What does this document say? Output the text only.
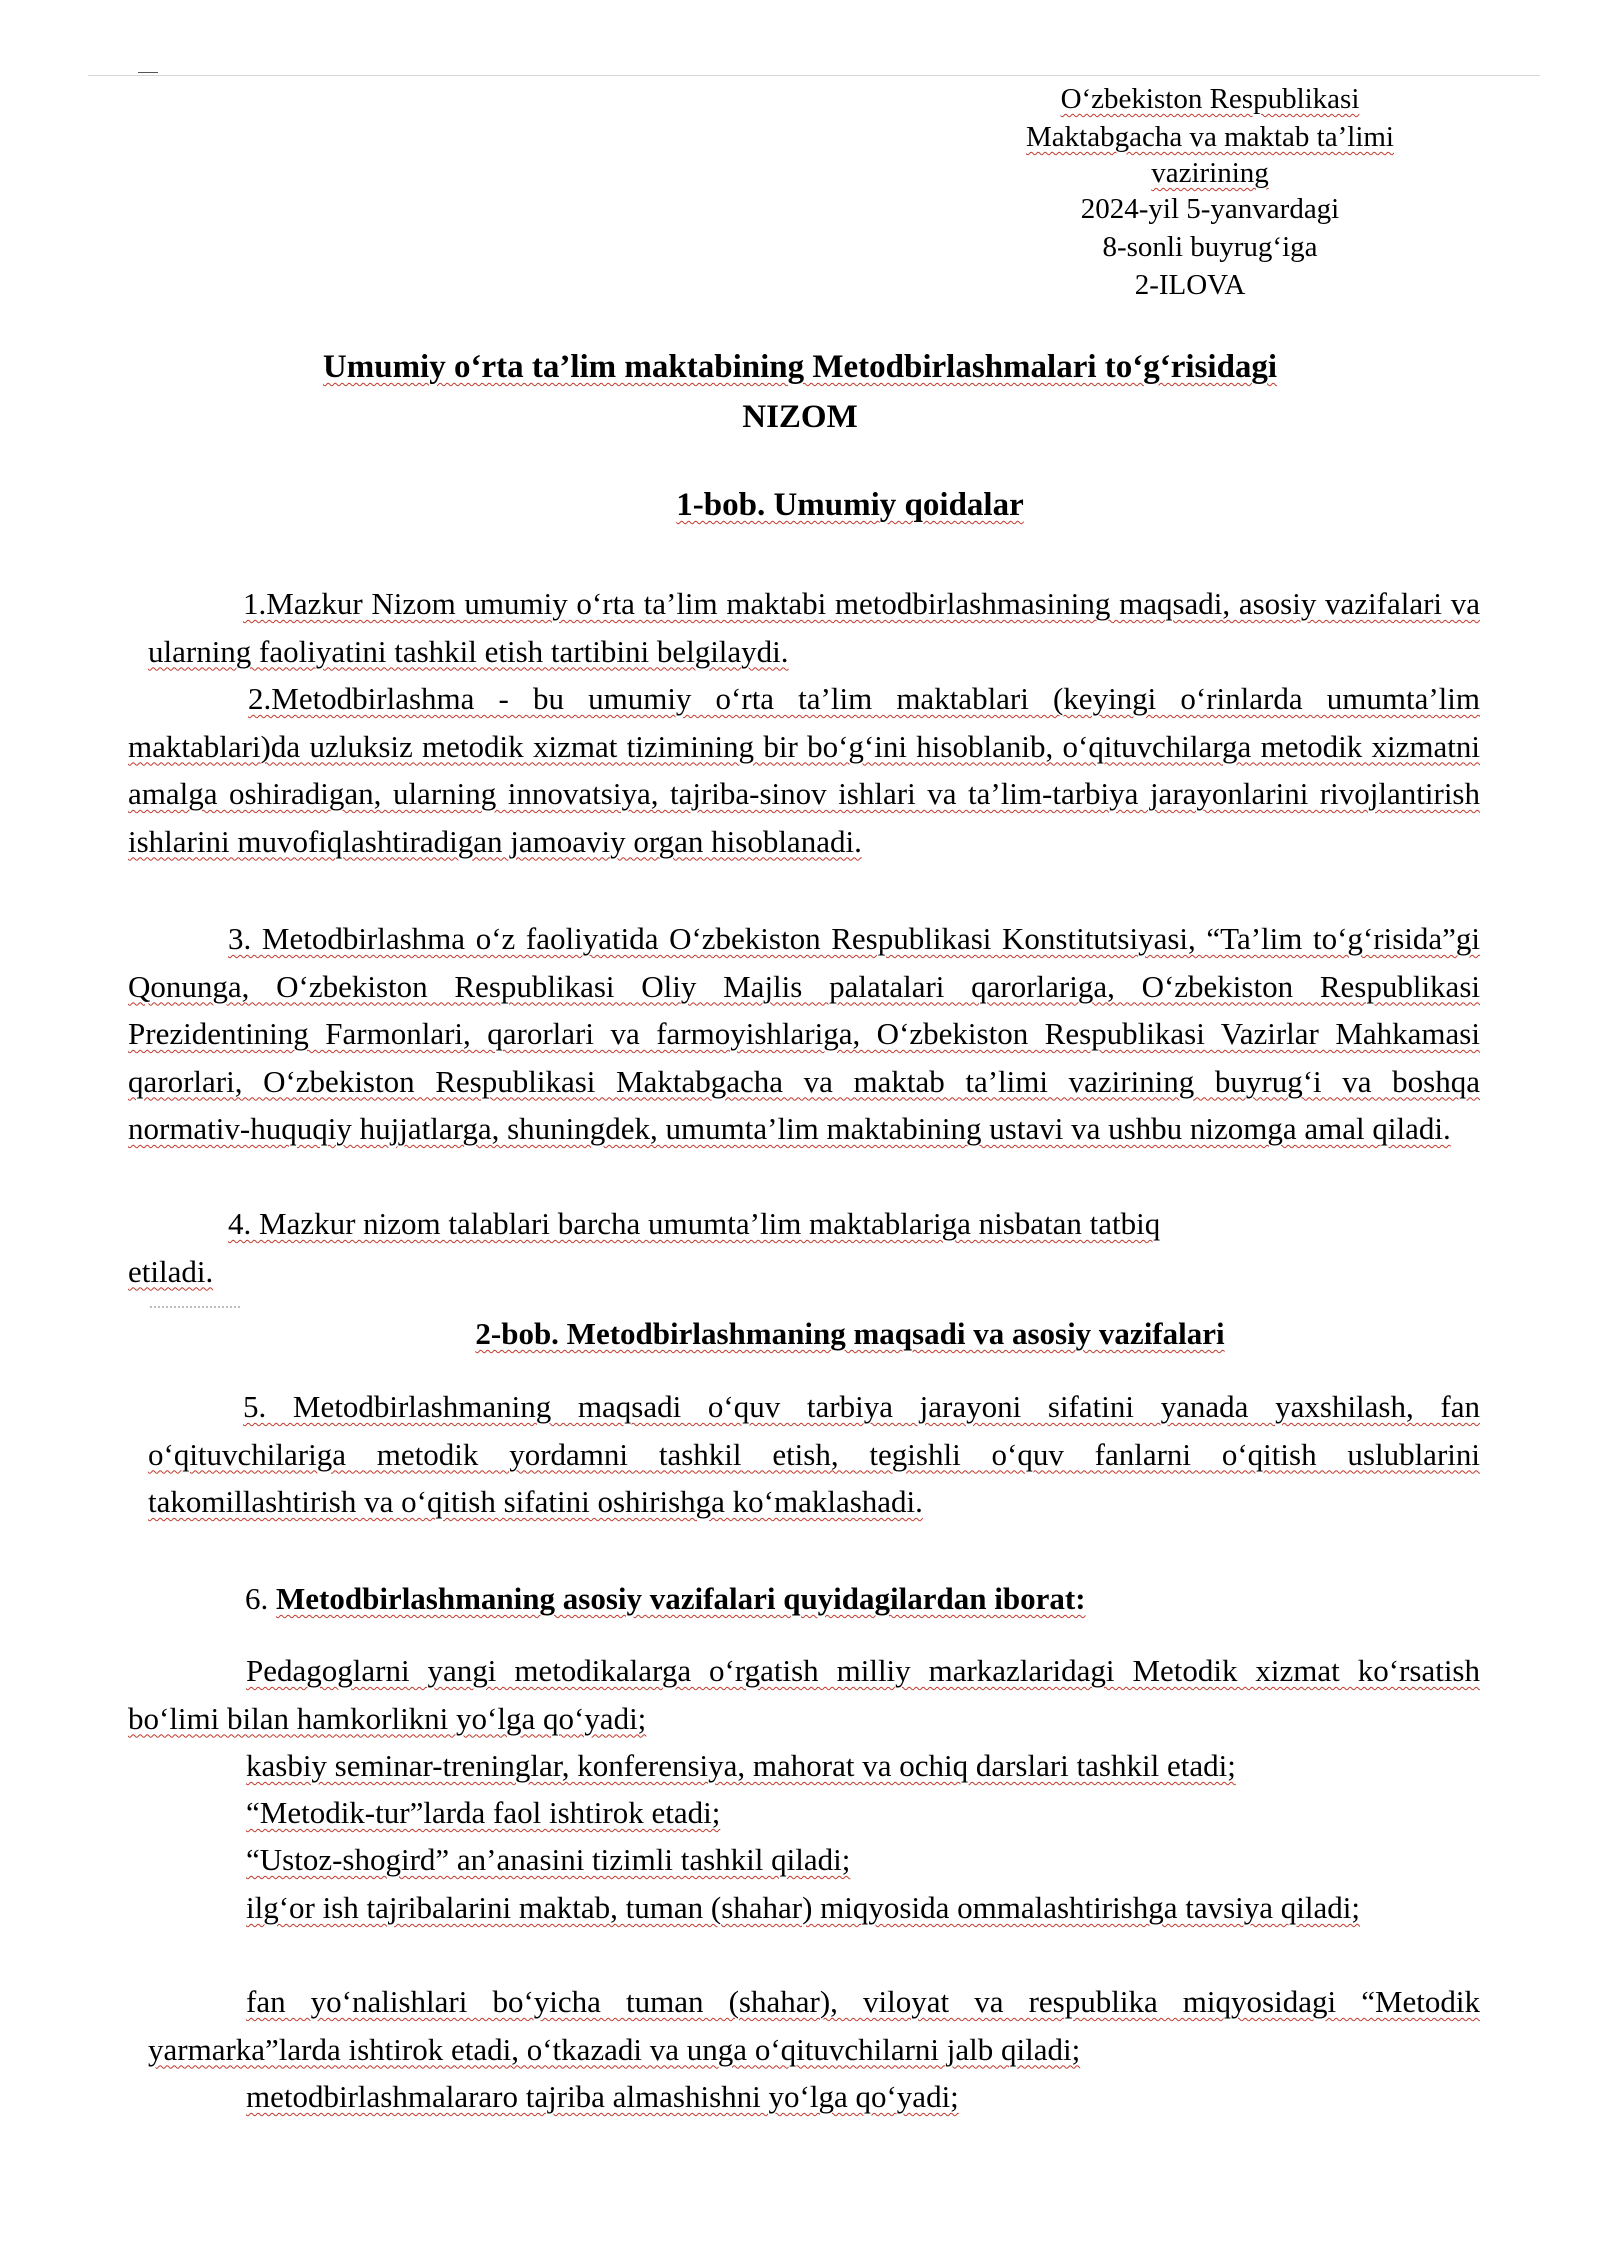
O‘zbekiston Respublikasi
Maktabgacha va maktab ta’limi
vazirining
2024-yil 5-yanvardagi
8-sonli buyrug‘iga
2-ILOVA
Umumiy o‘rta ta’lim maktabining Metodbirlashmalari to‘g‘risidagi
NIZOM
1-bob. Umumiy qoidalar
1.Mazkur Nizom umumiy o‘rta ta’lim maktabi metodbirlashmasining maqsadi, asosiy vazifalari va ularning faoliyatini tashkil etish tartibini belgilaydi.
2.Metodbirlashma - bu umumiy o‘rta ta’lim maktablari (keyingi o‘rinlarda umumta’lim maktablari)da uzluksiz metodik xizmat tizimining bir bo‘g‘ini hisoblanib, o‘qituvchilarga metodik xizmatni amalga oshiradigan, ularning innovatsiya, tajriba-sinov ishlari va ta’lim-tarbiya jarayonlarini rivojlantirish ishlarini muvofiqlashtiradigan jamoaviy organ hisoblanadi.
3. Metodbirlashma o‘z faoliyatida O‘zbekiston Respublikasi Konstitutsiyasi, “Ta’lim to‘g‘risida”gi Qonunga, O‘zbekiston Respublikasi Oliy Majlis palatalari qarorlariga, O‘zbekiston Respublikasi Prezidentining Farmonlari, qarorlari va farmoyishlariga, O‘zbekiston Respublikasi Vazirlar Mahkamasi qarorlari, O‘zbekiston Respublikasi Maktabgacha va maktab ta’limi vazirining buyrug‘i va boshqa normativ-huquqiy hujjatlarga, shuningdek, umumta’lim maktabining ustavi va ushbu nizomga amal qiladi.
4. Mazkur nizom talablari barcha umumta’lim maktablariga nisbatan tatbiq
etiladi.
2-bob. Metodbirlashmaning maqsadi va asosiy vazifalari
5. Metodbirlashmaning maqsadi o‘quv tarbiya jarayoni sifatini yanada yaxshilash, fan o‘qituvchilariga metodik yordamni tashkil etish, tegishli o‘quv fanlarni o‘qitish uslublarini takomillashtirish va o‘qitish sifatini oshirishga ko‘maklashadi.
6. Metodbirlashmaning asosiy vazifalari quyidagilardan iborat:
Pedagoglarni yangi metodikalarga o‘rgatish milliy markazlaridagi Metodik xizmat ko‘rsatish bo‘limi bilan hamkorlikni yo‘lga qo‘yadi;
kasbiy seminar-treninglar, konferensiya, mahorat va ochiq darslari tashkil etadi;
“Metodik-tur”larda faol ishtirok etadi;
“Ustoz-shogird” an’anasini tizimli tashkil qiladi;
ilg‘or ish tajribalarini maktab, tuman (shahar) miqyosida ommalashtirishga tavsiya qiladi;
fan yo‘nalishlari bo‘yicha tuman (shahar), viloyat va respublika miqyosidagi “Metodik yarmarka”larda ishtirok etadi, o‘tkazadi va unga o‘qituvchilarni jalb qiladi;
metodbirlashmalararo tajriba almashishni yo‘lga qo‘yadi;
